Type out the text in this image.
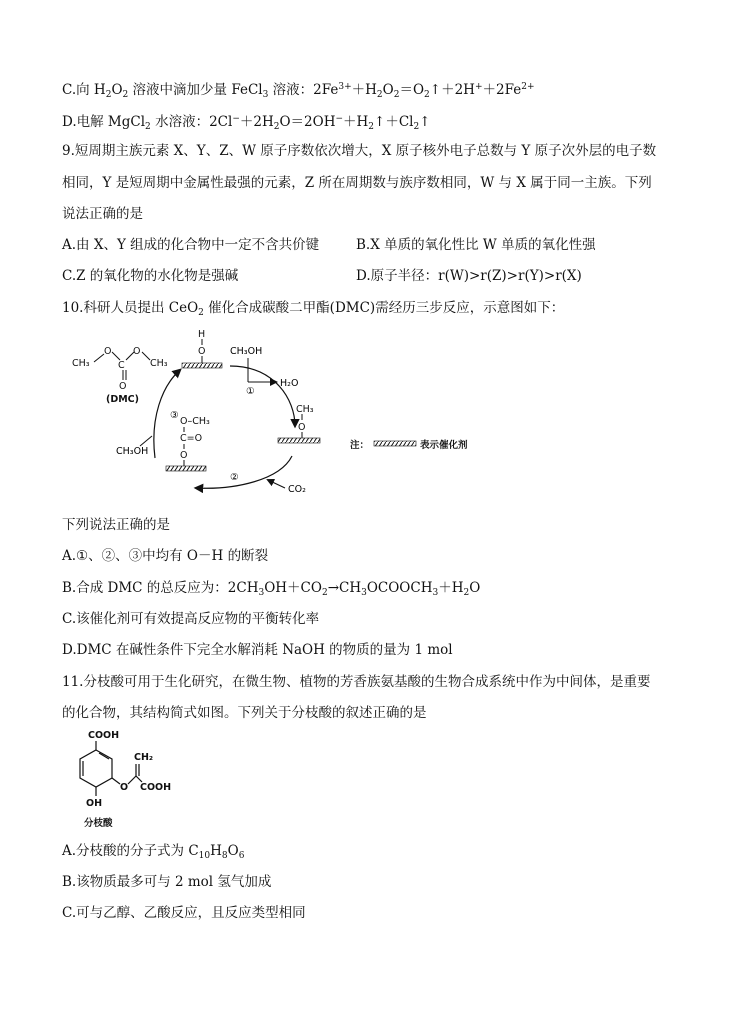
C.向 $H_2O_2$ 溶液中滴加少量 FeCl$_3$ 溶液：$2Fe^{3+}+H_2O_2=O_2↑+2H^++2Fe^{2+}$
D.电解 MgCl$_2$ 水溶液：$2Cl^-+2H_2O=2OH^-+H_2↑+Cl_2↑$
9.短周期主族元素 X、Y、Z、W 原子序数依次增大，X 原子核外电子总数与 Y 原子次外层的电子数
相同，Y 是短周期中金属性最强的元素，Z 所在周期数与族序数相同，W 与 X 属于同一主族。下列
说法正确的是
A.由 X、Y 组成的化合物中一定不含共价键	B.X 单质的氧化性比 W 单质的氧化性强
C.Z 的氧化物的水化物是强碱	D.原子半径：r(W)>r(Z)>r(Y)>r(X)
10.科研人员提出 CeO$_2$ 催化合成碳酸二甲酯(DMC)需经历三步反应，示意图如下：
CH₃
O
C
O
O
CH₃
(DMC)
H
O	CH₃OH
H₂O
①
CH₃
O
CO₂
②
O–CH₃
C=O
O
③
CH₃OH
注：	表示催化剂
下列说法正确的是
A.①、②、③中均有 O－H 的断裂
B.合成 DMC 的总反应为：$2CH_3OH+CO_2\to CH_3OCOOCH_3+H_2O$
C.该催化剂可有效提高反应物的平衡转化率
D.DMC 在碱性条件下完全水解消耗 NaOH 的物质的量为 1 mol
11.分枝酸可用于生化研究，在微生物、植物的芳香族氨基酸的生物合成系统中作为中间体，是重要
的化合物，其结构简式如图。下列关于分枝酸的叙述正确的是
COOH
OH
O
CH₂
COOH
分枝酸
A.分枝酸的分子式为 $C_{10}H_8O_6$
B.该物质最多可与 2 mol 氢气加成
C.可与乙醇、乙酸反应，且反应类型相同
